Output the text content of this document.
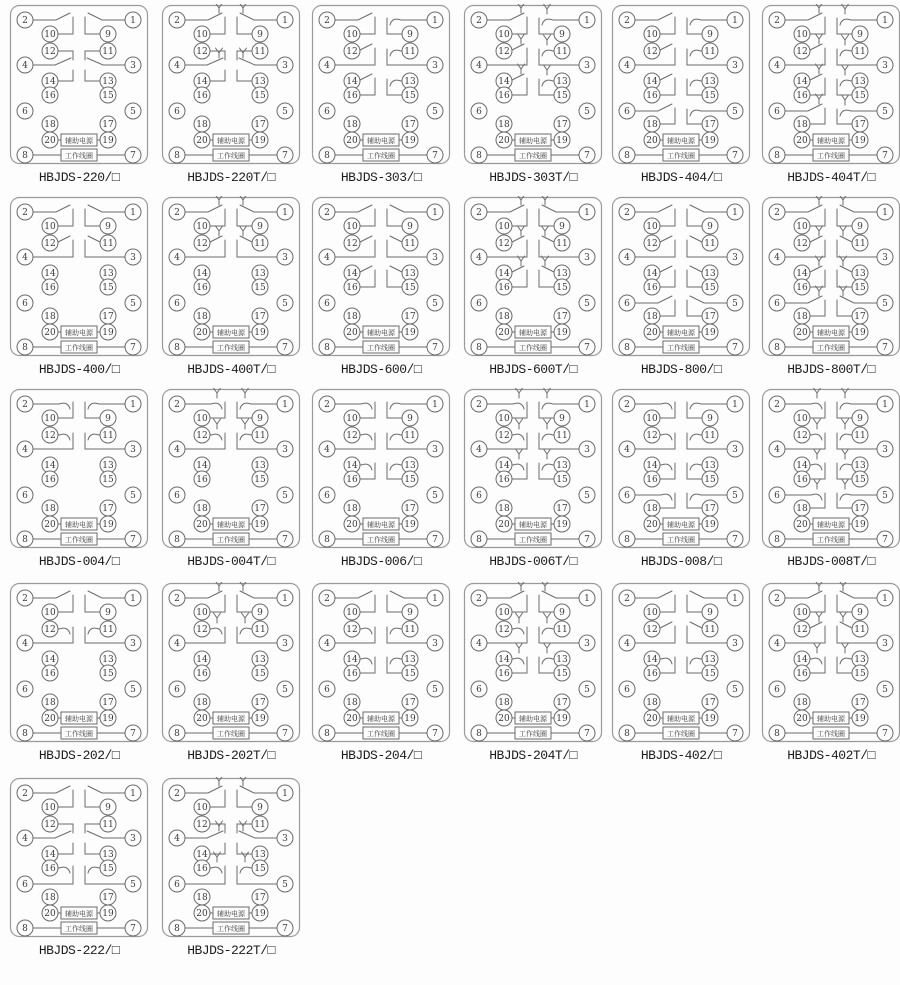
辅助电源
工作线圈
2	1
10	9
12	11
4	3
14	13
16	15
6	5
18	17
20	19
8	7
HBJDS-220/□
辅助电源
工作线圈
2	1
10	9
12	11
4	3
14	13
16	15
6	5
18	17
20	19
8	7
HBJDS-220T/□
辅助电源
工作线圈
2	1
10	9
12	11
4	3
14	13
16	15
6	5
18	17
20	19
8	7
HBJDS-303/□
辅助电源
工作线圈
2	1
10	9
12	11
4	3
14	13
16	15
6	5
18	17
20	19
8	7
HBJDS-303T/□
辅助电源
工作线圈
2	1
10	9
12	11
4	3
14	13
16	15
6	5
18	17
20	19
8	7
HBJDS-404/□
辅助电源
工作线圈
2	1
10	9
12	11
4	3
14	13
16	15
6	5
18	17
20	19
8	7
HBJDS-404T/□
辅助电源
工作线圈
2	1
10	9
12	11
4	3
14	13
16	15
6	5
18	17
20	19
8	7
HBJDS-400/□
辅助电源
工作线圈
2	1
10	9
12	11
4	3
14	13
16	15
6	5
18	17
20	19
8	7
HBJDS-400T/□
辅助电源
工作线圈
2	1
10	9
12	11
4	3
14	13
16	15
6	5
18	17
20	19
8	7
HBJDS-600/□
辅助电源
工作线圈
2	1
10	9
12	11
4	3
14	13
16	15
6	5
18	17
20	19
8	7
HBJDS-600T/□
辅助电源
工作线圈
2	1
10	9
12	11
4	3
14	13
16	15
6	5
18	17
20	19
8	7
HBJDS-800/□
辅助电源
工作线圈
2	1
10	9
12	11
4	3
14	13
16	15
6	5
18	17
20	19
8	7
HBJDS-800T/□
辅助电源
工作线圈
2	1
10	9
12	11
4	3
14	13
16	15
6	5
18	17
20	19
8	7
HBJDS-004/□
辅助电源
工作线圈
2	1
10	9
12	11
4	3
14	13
16	15
6	5
18	17
20	19
8	7
HBJDS-004T/□
辅助电源
工作线圈
2	1
10	9
12	11
4	3
14	13
16	15
6	5
18	17
20	19
8	7
HBJDS-006/□
辅助电源
工作线圈
2	1
10	9
12	11
4	3
14	13
16	15
6	5
18	17
20	19
8	7
HBJDS-006T/□
辅助电源
工作线圈
2	1
10	9
12	11
4	3
14	13
16	15
6	5
18	17
20	19
8	7
HBJDS-008/□
辅助电源
工作线圈
2	1
10	9
12	11
4	3
14	13
16	15
6	5
18	17
20	19
8	7
HBJDS-008T/□
辅助电源
工作线圈
2	1
10	9
12	11
4	3
14	13
16	15
6	5
18	17
20	19
8	7
HBJDS-202/□
辅助电源
工作线圈
2	1
10	9
12	11
4	3
14	13
16	15
6	5
18	17
20	19
8	7
HBJDS-202T/□
辅助电源
工作线圈
2	1
10	9
12	11
4	3
14	13
16	15
6	5
18	17
20	19
8	7
HBJDS-204/□
辅助电源
工作线圈
2	1
10	9
12	11
4	3
14	13
16	15
6	5
18	17
20	19
8	7
HBJDS-204T/□
辅助电源
工作线圈
2	1
10	9
12	11
4	3
14	13
16	15
6	5
18	17
20	19
8	7
HBJDS-402/□
辅助电源
工作线圈
2	1
10	9
12	11
4	3
14	13
16	15
6	5
18	17
20	19
8	7
HBJDS-402T/□
辅助电源
工作线圈
2	1
10	9
12	11
4	3
14	13
16	15
6	5
18	17
20	19
8	7
HBJDS-222/□
辅助电源
工作线圈
2	1
10	9
12	11
4	3
14	13
16	15
6	5
18	17
20	19
8	7
HBJDS-222T/□
